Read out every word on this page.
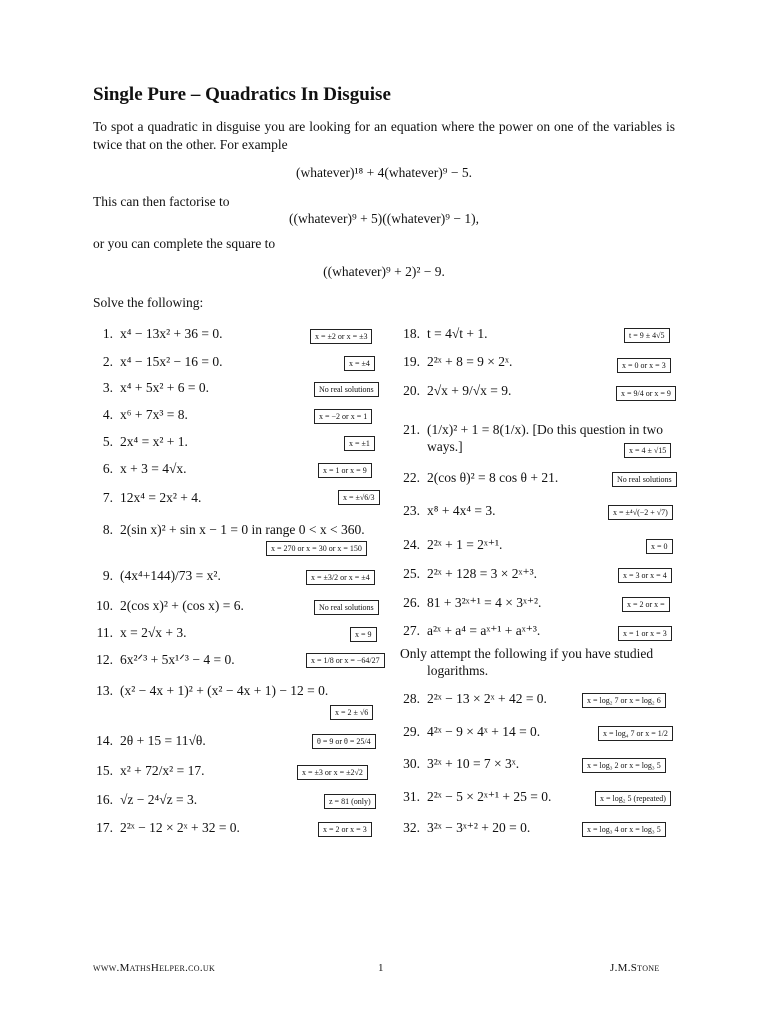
Single Pure – Quadratics In Disguise
To spot a quadratic in disguise you are looking for an equation where the power on one of the variables is twice that on the other. For example
(whatever)¹⁸ + 4(whatever)⁹ − 5.
This can then factorise to
((whatever)⁹ + 5)((whatever)⁹ − 1),
or you can complete the square to
((whatever)⁹ + 2)² − 9.
Solve the following:
1. x⁴ − 13x² + 36 = 0.	x = ±2 or x = ±3
2. x⁴ − 15x² − 16 = 0.	x = ±4
3. x⁴ + 5x² + 6 = 0.	No real solutions
4. x⁶ + 7x³ = 8.	x = −2 or x = 1
5. 2x⁴ = x² + 1.	x = ±1
6. x + 3 = 4√x.	x = 1 or x = 9
7. 12x⁴ = 2x² + 4.	x = ±√6/3
8. 2(sin x)² + sin x − 1 = 0 in range 0 < x < 360.
x = 270 or x = 30 or x = 150
9. (4x⁴+144)/73 = x².	x = ±3/2 or x = ±4
10. 2(cos x)² + (cos x) = 6.	No real solutions
11. x = 2√x + 3.	x = 9
12. 6x²ᐟ³ + 5x¹ᐟ³ − 4 = 0.	x = 1/8 or x = −64/27
13. (x² − 4x + 1)² + (x² − 4x + 1) − 12 = 0.
x = 2 ± √6
14. 2θ + 15 = 11√θ.	θ = 9 or θ = 25/4
15. x² + 72/x² = 17.	x = ±3 or x = ±2√2
16. √z − 2⁴√z = 3.	z = 81 (only)
17. 2²ˣ − 12 × 2ˣ + 32 = 0.	x = 2 or x = 3
18. t = 4√t + 1.	t = 9 ± 4√5
19. 2²ˣ + 8 = 9 × 2ˣ.	x = 0 or x = 3
20. 2√x + 9/√x = 9.	x = 9/4 or x = 9
21. (1/x)² + 1 = 8(1/x). [Do this question in two ways.]	x = 4 ± √15
22. 2(cos θ)² = 8 cos θ + 21.	No real solutions
23. x⁸ + 4x⁴ = 3.	x = ±⁴√(−2 + √7)
24. 2²ˣ + 1 = 2ˣ⁺¹.	x = 0
25. 2²ˣ + 128 = 3 × 2ˣ⁺³.	x = 3 or x = 4
26. 81 + 3²ˣ⁺¹ = 4 × 3ˣ⁺².	x = 2 or x =
27. a²ˣ + a⁴ = aˣ⁺¹ + aˣ⁺³.	x = 1 or x = 3
Only attempt the following if you have studied logarithms.
28. 2²ˣ − 13 × 2ˣ + 42 = 0.	x = log₂ 7 or x = log₂ 6
29. 4²ˣ − 9 × 4ˣ + 14 = 0.	x = log₄ 7 or x = 1/2
30. 3²ˣ + 10 = 7 × 3ˣ.	x = log₃ 2 or x = log₃ 5
31. 2²ˣ − 5 × 2ˣ⁺¹ + 25 = 0.	x = log₂ 5 (repeated)
32. 3²ˣ − 3ˣ⁺² + 20 = 0.	x = log₃ 4 or x = log₃ 5
www.MathsHelper.co.uk	1	J.M.Stone
